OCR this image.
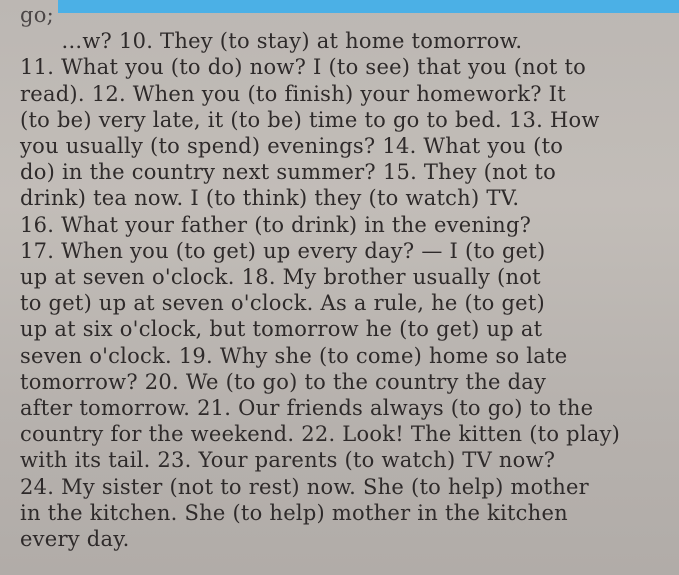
go;
...w? 10. They (to stay) at home tomorrow.
11. What you (to do) now? I (to see) that you (not to
read). 12. When you (to finish) your homework? It
(to be) very late, it (to be) time to go to bed. 13. How
you usually (to spend) evenings? 14. What you (to
do) in the country next summer? 15. They (not to
drink) tea now. I (to think) they (to watch) TV.
16. What your father (to drink) in the evening?
17. When you (to get) up every day? — I (to get)
up at seven o'clock. 18. My brother usually (not
to get) up at seven o'clock. As a rule, he (to get)
up at six o'clock, but tomorrow he (to get) up at
seven o'clock. 19. Why she (to come) home so late
tomorrow? 20. We (to go) to the country the day
after tomorrow. 21. Our friends always (to go) to the
country for the weekend. 22. Look! The kitten (to play)
with its tail. 23. Your parents (to watch) TV now?
24. My sister (not to rest) now. She (to help) mother
in the kitchen. She (to help) mother in the kitchen
every day.
